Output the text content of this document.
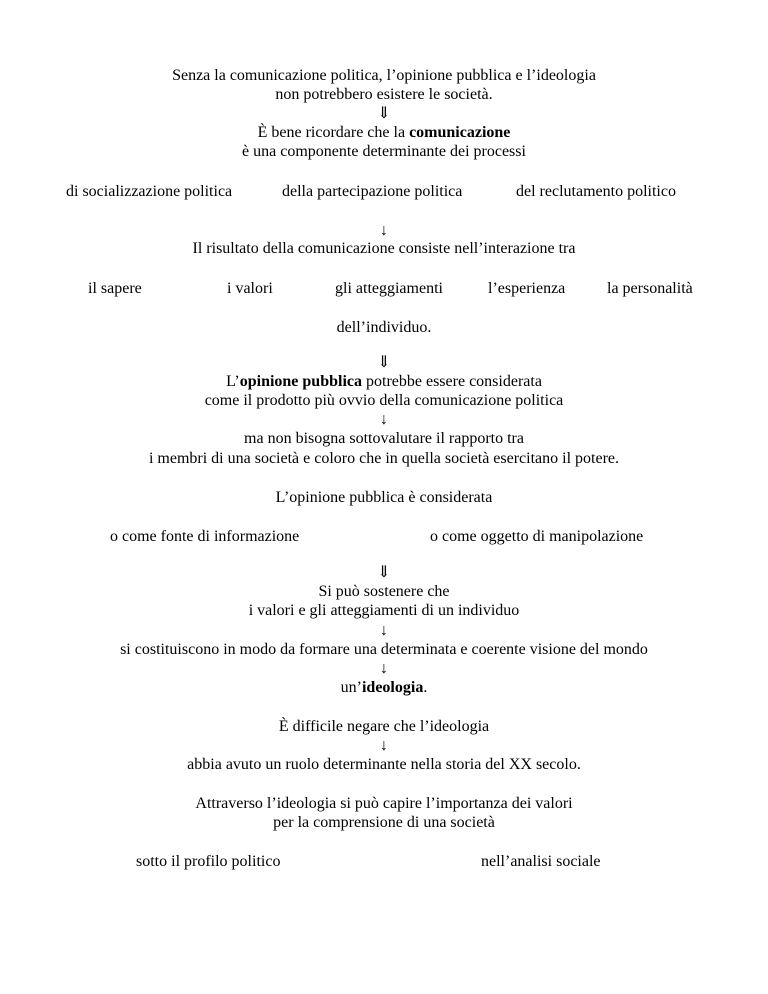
Senza la comunicazione politica, l’opinione pubblica e l’ideologia
non potrebbero esistere le società.
⇓
È bene ricordare che la comunicazione
è una componente determinante dei processi
di socializzazione politica	della partecipazione politica	del reclutamento politico
↓
Il risultato della comunicazione consiste nell’interazione tra
il sapere	i valori	gli atteggiamenti	l’esperienza	la personalità
dell’individuo.
⇓
L’opinione pubblica potrebbe essere considerata
come il prodotto più ovvio della comunicazione politica
↓
ma non bisogna sottovalutare il rapporto tra
i membri di una società e coloro che in quella società esercitano il potere.
L’opinione pubblica è considerata
o come fonte di informazione	o come oggetto di manipolazione
⇓
Si può sostenere che
i valori e gli atteggiamenti di un individuo
↓
si costituiscono in modo da formare una determinata e coerente visione del mondo
↓
un’ideologia.
È difficile negare che l’ideologia
↓
abbia avuto un ruolo determinante nella storia del XX secolo.
Attraverso l’ideologia si può capire l’importanza dei valori
per la comprensione di una società
sotto il profilo politico	nell’analisi sociale
